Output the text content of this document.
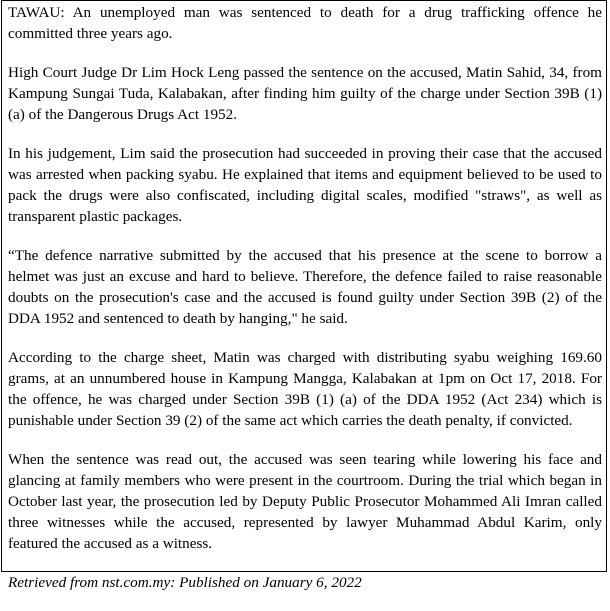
TAWAU: An unemployed man was sentenced to death for a drug trafficking offence he committed three years ago.

High Court Judge Dr Lim Hock Leng passed the sentence on the accused, Matin Sahid, 34, from Kampung Sungai Tuda, Kalabakan, after finding him guilty of the charge under Section 39B (1) (a) of the Dangerous Drugs Act 1952.

In his judgement, Lim said the prosecution had succeeded in proving their case that the accused was arrested when packing syabu. He explained that items and equipment believed to be used to pack the drugs were also confiscated, including digital scales, modified "straws", as well as transparent plastic packages.

“The defence narrative submitted by the accused that his presence at the scene to borrow a helmet was just an excuse and hard to believe. Therefore, the defence failed to raise reasonable doubts on the prosecution's case and the accused is found guilty under Section 39B (2) of the DDA 1952 and sentenced to death by hanging," he said.

According to the charge sheet, Matin was charged with distributing syabu weighing 169.60 grams, at an unnumbered house in Kampung Mangga, Kalabakan at 1pm on Oct 17, 2018. For the offence, he was charged under Section 39B (1) (a) of the DDA 1952 (Act 234) which is punishable under Section 39 (2) of the same act which carries the death penalty, if convicted.

When the sentence was read out, the accused was seen tearing while lowering his face and glancing at family members who were present in the courtroom. During the trial which began in October last year, the prosecution led by Deputy Public Prosecutor Mohammed Ali Imran called three witnesses while the accused, represented by lawyer Muhammad Abdul Karim, only featured the accused as a witness.

Retrieved from nst.com.my: Published on January 6, 2022
